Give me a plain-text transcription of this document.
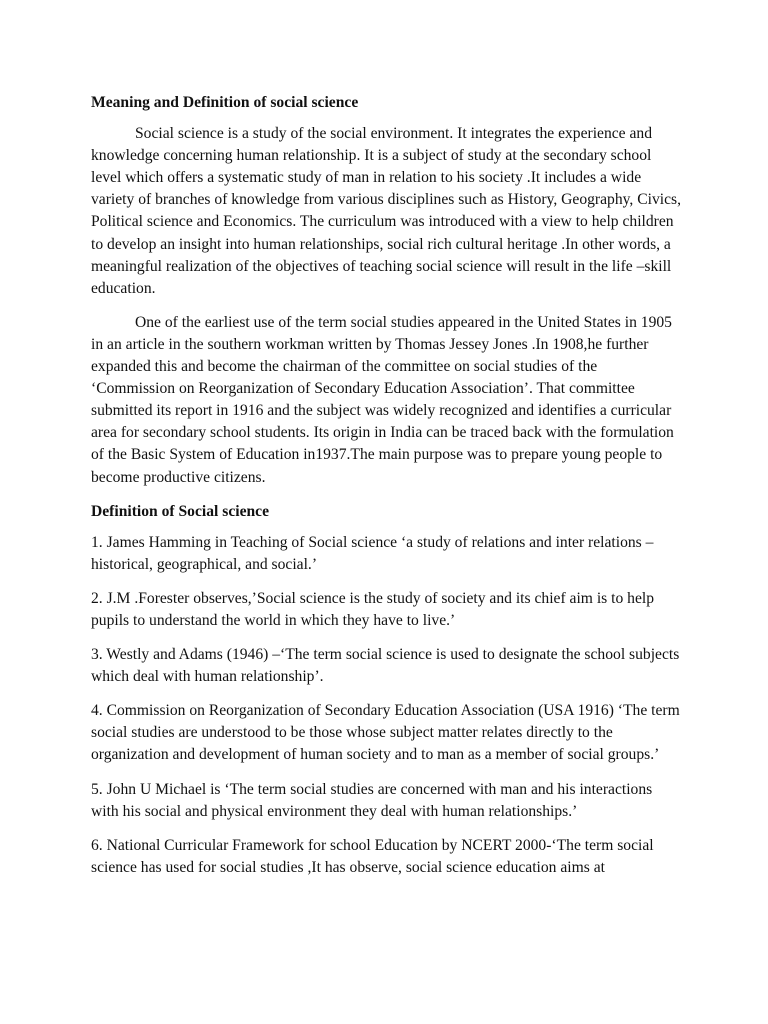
Meaning and Definition of social science

Social science is a study of the social environment. It integrates the experience and knowledge concerning human relationship. It is a subject of study at the secondary school level which offers a systematic study of man in relation to his society .It includes a wide variety of branches of knowledge from various disciplines such as History, Geography, Civics, Political science and Economics. The curriculum was introduced with a view to help children to develop an insight into human relationships, social rich cultural heritage .In other words, a meaningful realization of the objectives of teaching social science will result in the life –skill education.

One of the earliest use of the term social studies appeared in the United States in 1905 in an article in the southern workman written by Thomas Jessey Jones .In 1908,he further expanded this and become the chairman of the committee on social studies of the ‘Commission on Reorganization of Secondary Education Association’. That committee submitted its report in 1916 and the subject was widely recognized and identifies a curricular area for secondary school students. Its origin in India can be traced back with the formulation of the Basic System of Education in1937.The main purpose was to prepare young people to become productive citizens.

Definition of Social science

1. James Hamming in Teaching of Social science ‘a study of relations and inter relations –historical, geographical, and social.’

2. J.M .Forester observes,’Social science is the study of society and its chief aim is to help pupils to understand the world in which they have to live.’

3. Westly and Adams (1946) –‘The term social science is used to designate the school subjects which deal with human relationship’.

4. Commission on Reorganization of Secondary Education Association (USA 1916) ‘The term social studies are understood to be those whose subject matter relates directly to the organization and development of human society and to man as a member of social groups.’

5. John U Michael is ‘The term social studies are concerned with man and his interactions with his social and physical environment they deal with human relationships.’

6. National Curricular Framework for school Education by NCERT 2000-‘The term social science has used for social studies ,It has observe, social science education aims at
